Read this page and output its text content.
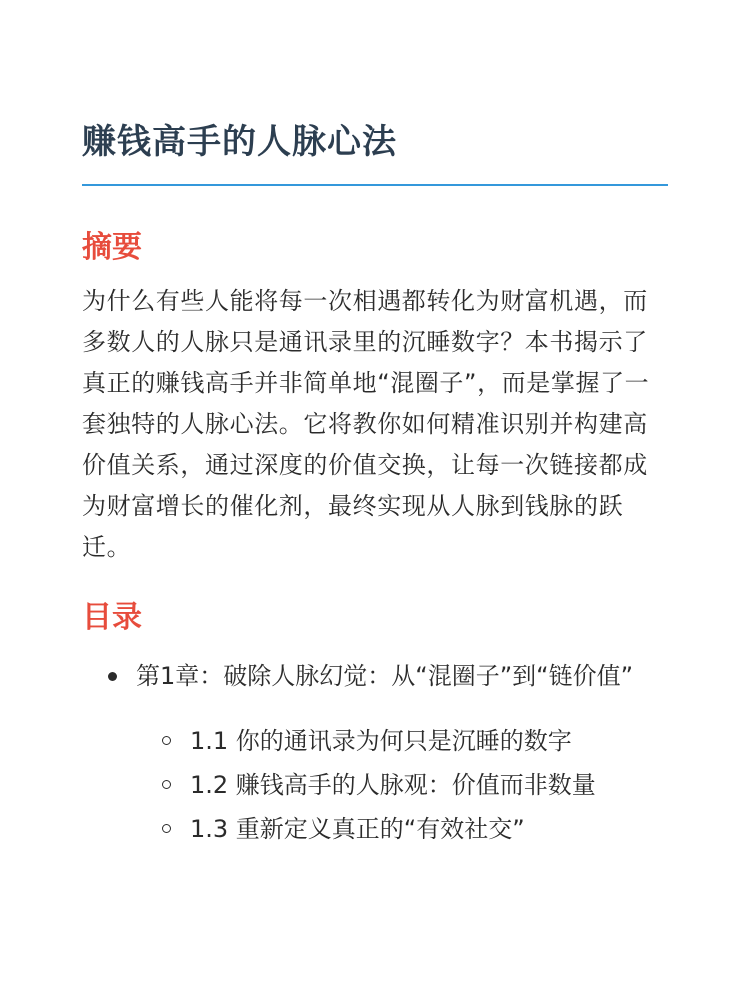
赚钱高手的人脉心法
摘要

为什么有些人能将每一次相遇都转化为财富机遇，而多数人的人脉只是通讯录里的沉睡数字？本书揭示了真正的赚钱高手并非简单地“混圈子”，而是掌握了一套独特的人脉心法。它将教你如何精准识别并构建高价值关系，通过深度的价值交换，让每一次链接都成为财富增长的催化剂，最终实现从人脉到钱脉的跃迁。

目录
第1章：破除人脉幻觉：从“混圈子”到“链价值”
1.1 你的通讯录为何只是沉睡的数字
1.2 赚钱高手的人脉观：价值而非数量
1.3 重新定义真正的“有效社交”
